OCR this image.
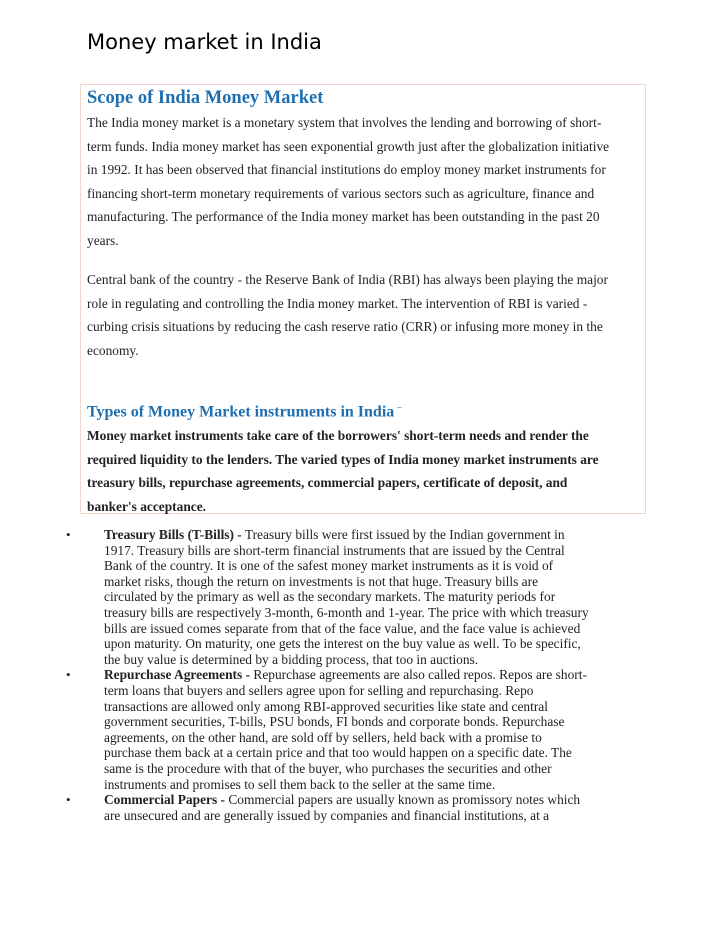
Money market in India
Scope of India Money Market
The India money market is a monetary system that involves the lending and borrowing of short-
term funds. India money market has seen exponential growth just after the globalization initiative
in 1992. It has been observed that financial institutions do employ money market instruments for
financing short-term monetary requirements of various sectors such as agriculture, finance and
manufacturing. The performance of the India money market has been outstanding in the past 20
years.
Central bank of the country - the Reserve Bank of India (RBI) has always been playing the major
role in regulating and controlling the India money market. The intervention of RBI is varied -
curbing crisis situations by reducing the cash reserve ratio (CRR) or infusing more money in the
economy.
Types of Money Market instruments in India –
Money market instruments take care of the borrowers' short-term needs and render the
required liquidity to the lenders. The varied types of India money market instruments are
treasury bills, repurchase agreements, commercial papers, certificate of deposit, and
banker's acceptance.
•	Treasury Bills (T-Bills) - Treasury bills were first issued by the Indian government in
1917. Treasury bills are short-term financial instruments that are issued by the Central
Bank of the country. It is one of the safest money market instruments as it is void of
market risks, though the return on investments is not that huge. Treasury bills are
circulated by the primary as well as the secondary markets. The maturity periods for
treasury bills are respectively 3-month, 6-month and 1-year. The price with which treasury
bills are issued comes separate from that of the face value, and the face value is achieved
upon maturity. On maturity, one gets the interest on the buy value as well. To be specific,
the buy value is determined by a bidding process, that too in auctions.
•	Repurchase Agreements - Repurchase agreements are also called repos. Repos are short-
term loans that buyers and sellers agree upon for selling and repurchasing. Repo
transactions are allowed only among RBI-approved securities like state and central
government securities, T-bills, PSU bonds, FI bonds and corporate bonds. Repurchase
agreements, on the other hand, are sold off by sellers, held back with a promise to
purchase them back at a certain price and that too would happen on a specific date. The
same is the procedure with that of the buyer, who purchases the securities and other
instruments and promises to sell them back to the seller at the same time.
•	Commercial Papers - Commercial papers are usually known as promissory notes which
are unsecured and are generally issued by companies and financial institutions, at a
